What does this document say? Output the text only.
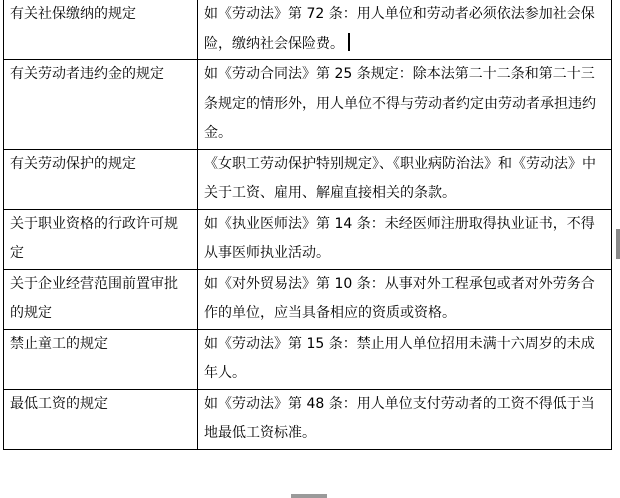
有关社保缴纳的规定	如《劳动法》第 72 条：用人单位和劳动者必须依法参加社会保险，缴纳社会保险费。
有关劳动者违约金的规定	如《劳动合同法》第 25 条规定：除本法第二十二条和第二十三条规定的情形外，用人单位不得与劳动者约定由劳动者承担违约金。
有关劳动保护的规定	《女职工劳动保护特别规定》、《职业病防治法》和《劳动法》中关于工资、雇用、解雇直接相关的条款。
关于职业资格的行政许可规定	如《执业医师法》第 14 条：未经医师注册取得执业证书，不得从事医师执业活动。
关于企业经营范围前置审批的规定	如《对外贸易法》第 10 条：从事对外工程承包或者对外劳务合作的单位，应当具备相应的资质或资格。
禁止童工的规定	如《劳动法》第 15 条：禁止用人单位招用未满十六周岁的未成年人。
最低工资的规定	如《劳动法》第 48 条：用人单位支付劳动者的工资不得低于当地最低工资标准。
